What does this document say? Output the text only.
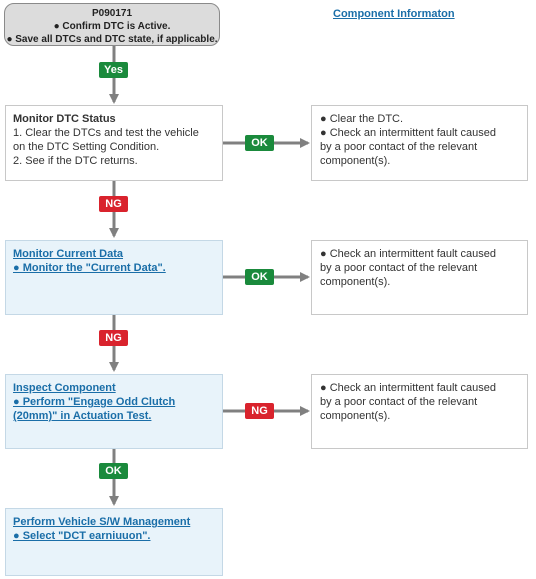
P090171
● Confirm DTC is Active.
● Save all DTCs and DTC state, if applicable.
Component Informaton
Monitor DTC Status
1. Clear the DTCs and test the vehicle
on the DTC Setting Condition.
2. See if the DTC returns.
● Clear the DTC.
● Check an intermittent fault caused
by a poor contact of the relevant
component(s).
Monitor Current Data
● Monitor the "Current Data".
● Check an intermittent fault caused
by a poor contact of the relevant
component(s).
Inspect Component
● Perform "Engage Odd Clutch
(20mm)" in Actuation Test.
● Check an intermittent fault caused
by a poor contact of the relevant
component(s).
Perform Vehicle S/W Management
● Select "DCT earniuuon".
Yes
NG
NG
OK
OK
OK
NG
